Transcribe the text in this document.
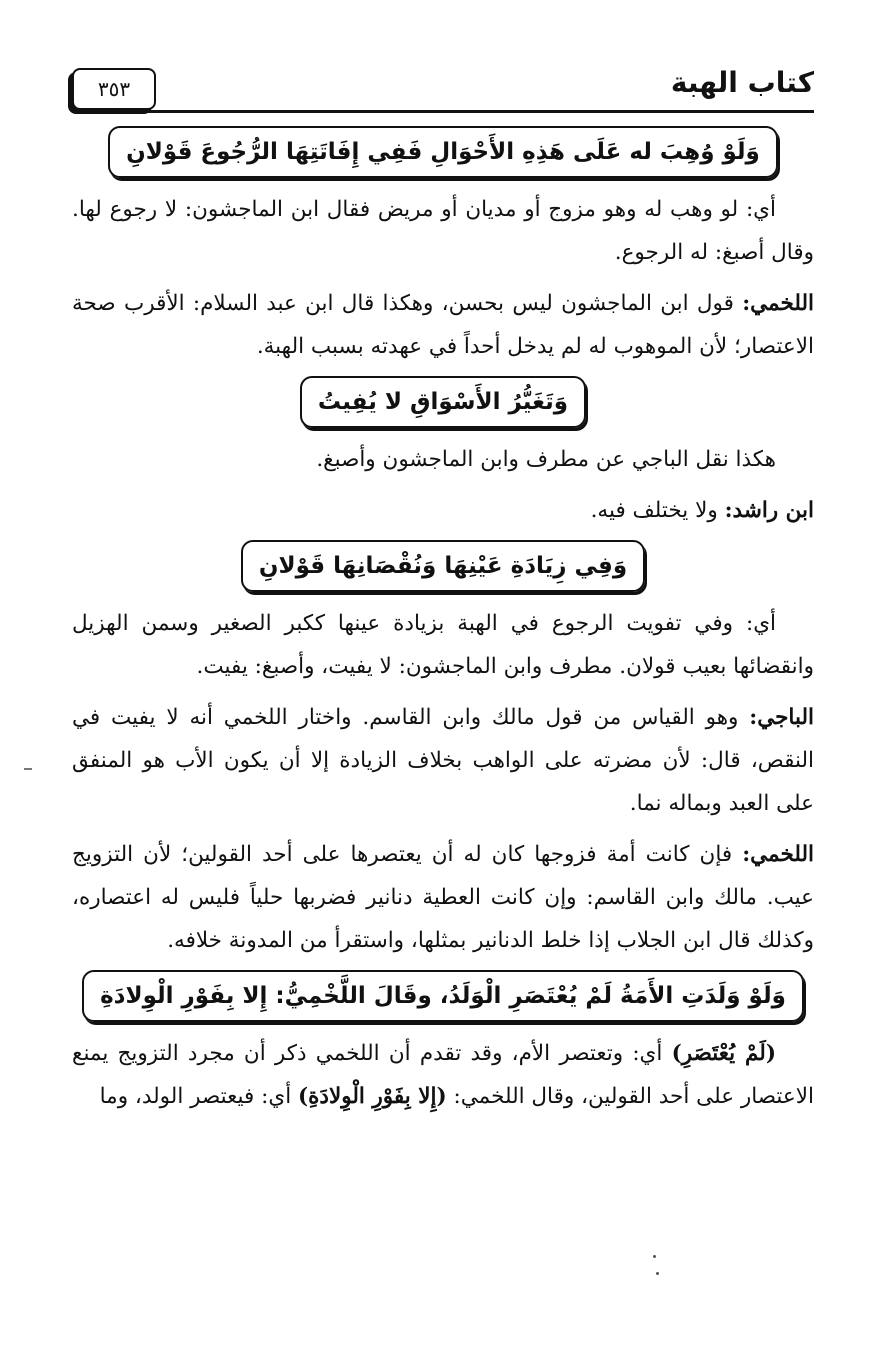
كتاب الهبة
٣٥٣
وَلَوْ وُهِبَ له عَلَى هَذِهِ الأَحْوَالِ فَفِي إِفَاتَتِهَا الرُّجُوعَ قَوْلانِ

أي: لو وهب له وهو مزوج أو مديان أو مريض فقال ابن الماجشون: لا رجوع لها. وقال أصبغ: له الرجوع.

اللخمي: قول ابن الماجشون ليس بحسن، وهكذا قال ابن عبد السلام: الأقرب صحة الاعتصار؛ لأن الموهوب له لم يدخل أحداً في عهدته بسبب الهبة.

وَتَغَيُّرُ الأَسْوَاقِ لا يُفِيتُ

هكذا نقل الباجي عن مطرف وابن الماجشون وأصبغ.

ابن راشد: ولا يختلف فيه.

وَفِي زِيَادَةِ عَيْنِهَا وَنُقْصَانِهَا قَوْلانِ

أي: وفي تفويت الرجوع في الهبة بزيادة عينها ككبر الصغير وسمن الهزيل وانقضائها بعيب قولان. مطرف وابن الماجشون: لا يفيت، وأصبغ: يفيت.

الباجي: وهو القياس من قول مالك وابن القاسم. واختار اللخمي أنه لا يفيت في النقص، قال: لأن مضرته على الواهب بخلاف الزيادة إلا أن يكون الأب هو المنفق على العبد وبماله نما.

اللخمي: فإن كانت أمة فزوجها كان له أن يعتصرها على أحد القولين؛ لأن التزويج عيب. مالك وابن القاسم: وإن كانت العطية دنانير فضربها حلياً فليس له اعتصاره، وكذلك قال ابن الجلاب إذا خلط الدنانير بمثلها، واستقرأ من المدونة خلافه.

وَلَوْ وَلَدَتِ الأَمَةُ لَمْ يُعْتَصَرِ الْوَلَدُ، وقَالَ اللَّخْمِيُّ: إِلا بِفَوْرِ الْوِلادَةِ

(لَمْ يُعْتَصَرِ) أي: وتعتصر الأم، وقد تقدم أن اللخمي ذكر أن مجرد التزويج يمنع الاعتصار على أحد القولين، وقال اللخمي: (إِلا بِفَوْرِ الْوِلادَةِ) أي: فيعتصر الولد، وما
